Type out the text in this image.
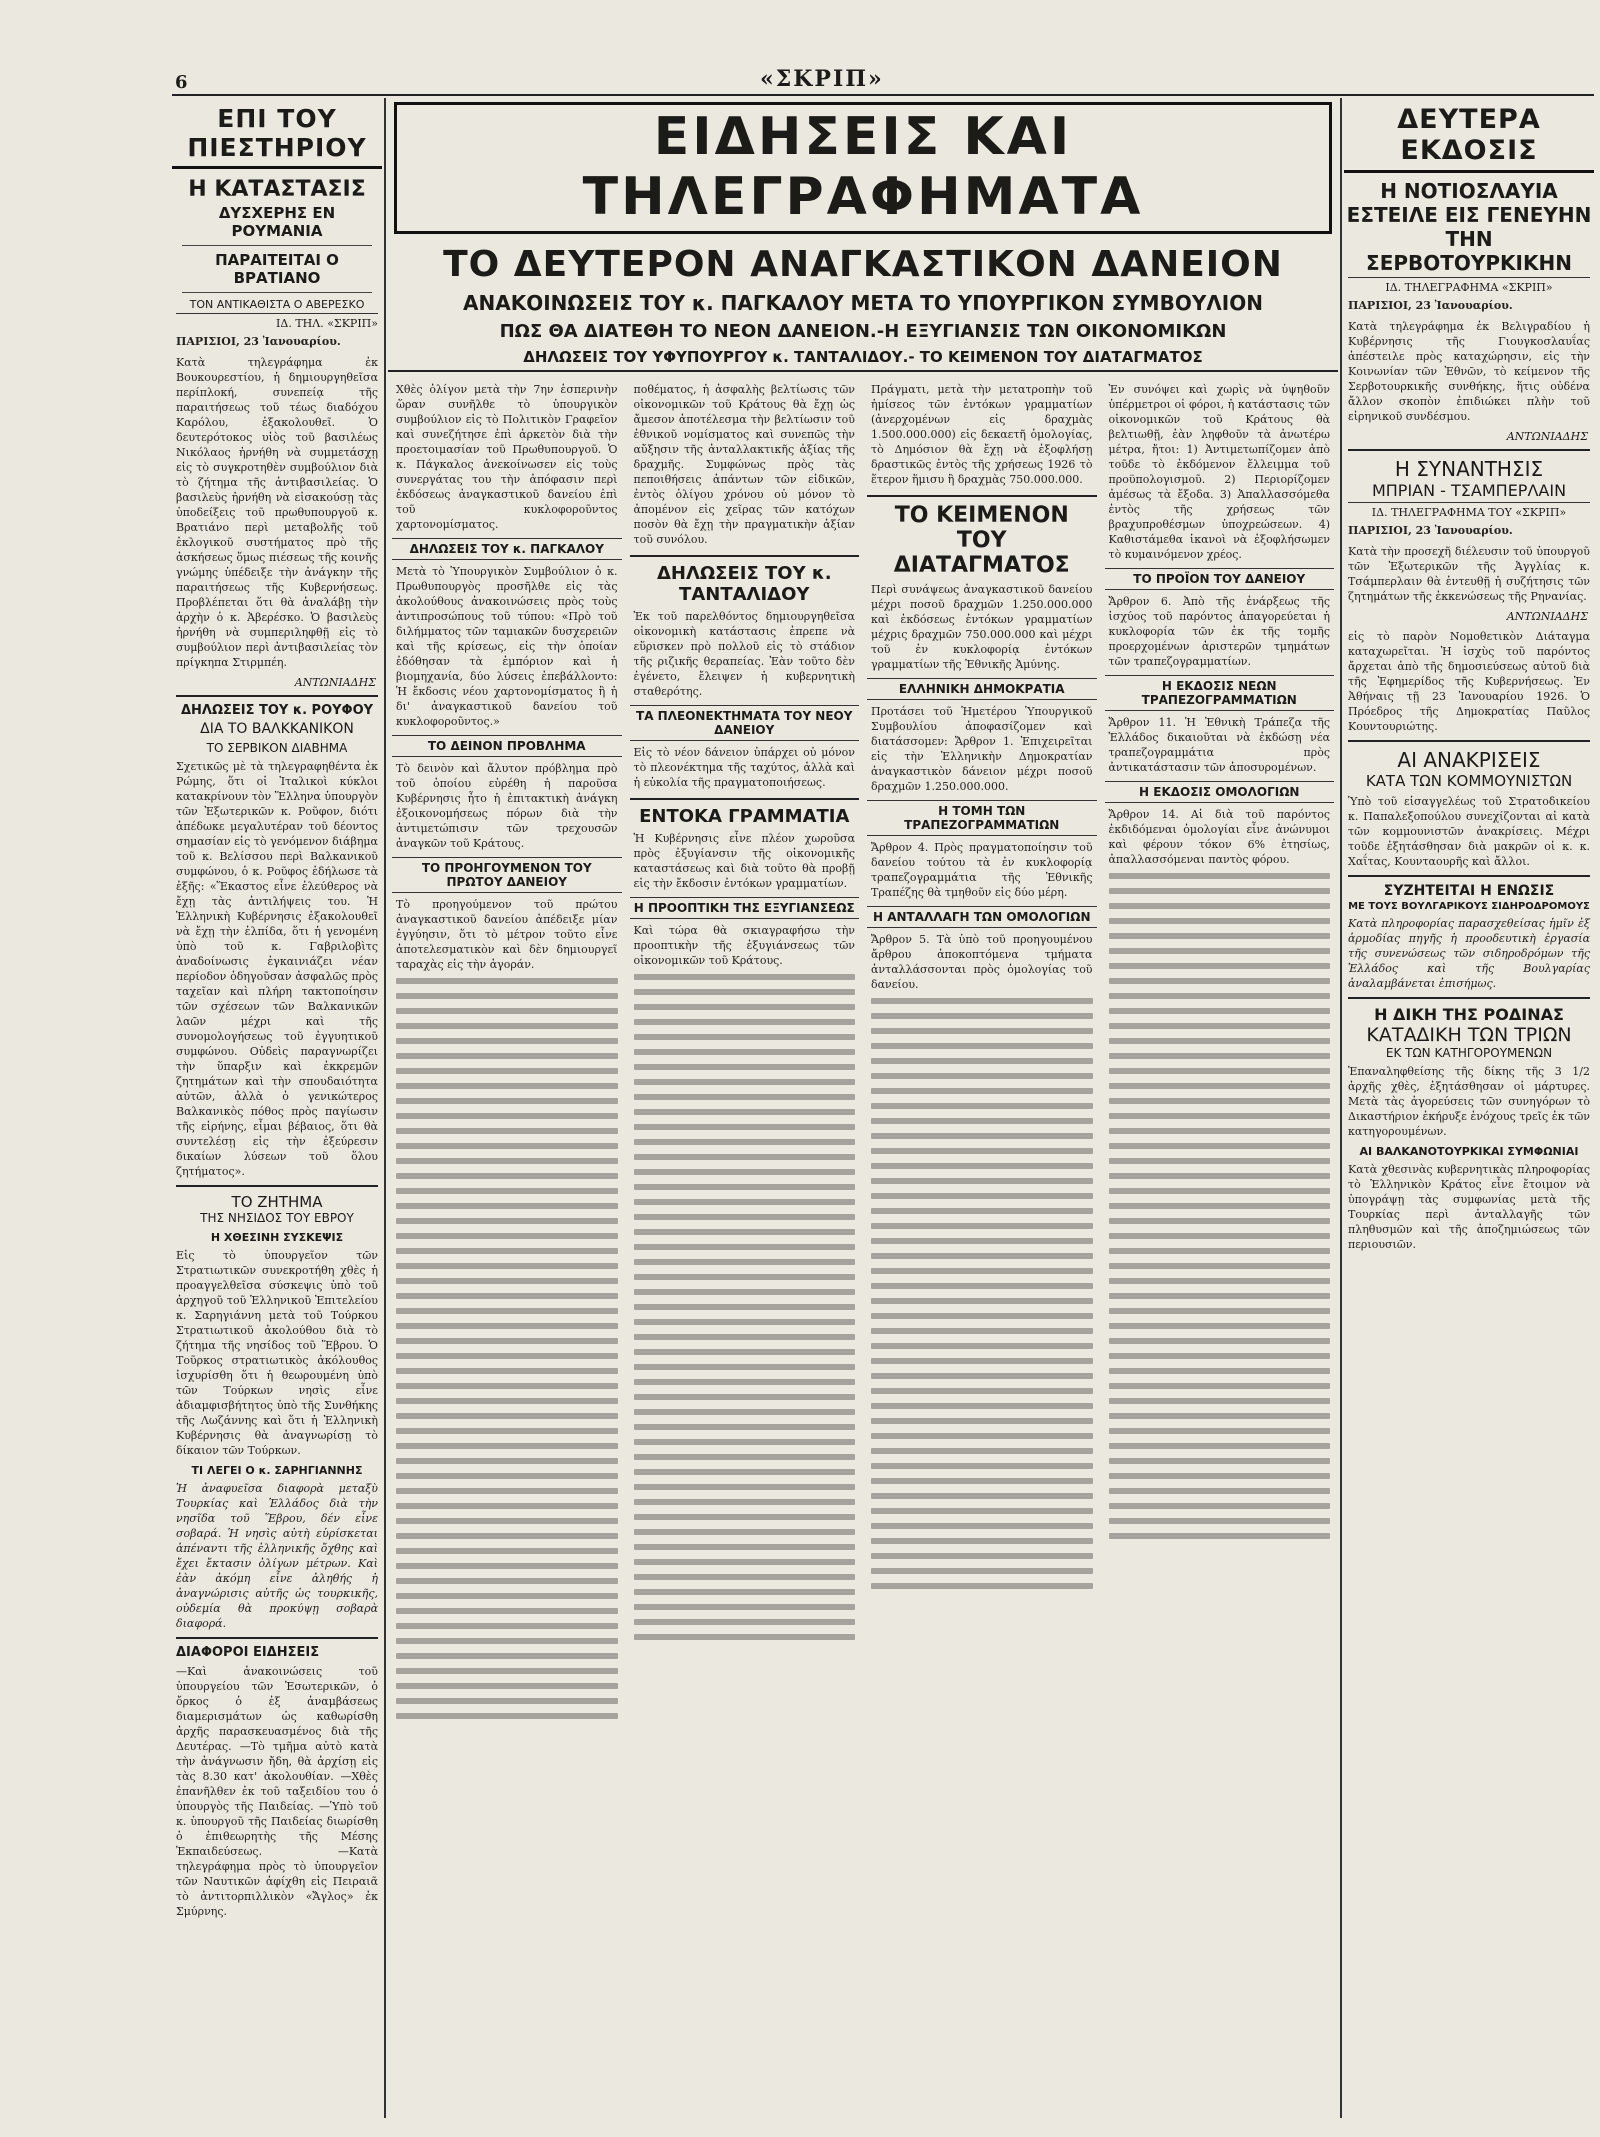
6	«ΣΚΡΙΠ»
ΕΠΙ ΤΟΥ ΠΙΕΣΤΗΡΙΟΥ
Η ΚΑΤΑΣΤΑΣΙΣ
ΔΥΣΧΕΡΗΣ ΕΝ ΡΟΥΜΑΝΙΑ
ΠΑΡΑΙΤΕΙΤΑΙ Ο ΒΡΑΤΙΑΝΟ
ΤΟΝ ΑΝΤΙΚΑΘΙΣΤΑ Ο ΑΒΕΡΕΣΚΟ
ΙΔ. ΤΗΛ. «ΣΚΡΙΠ»
ΠΑΡΙΣΙΟΙ, 23 Ἰανουαρίου.
Κατὰ τηλεγράφημα ἐκ Βουκουρεστίου, ἡ δημιουργηθεῖσα περίπλοκή, συνεπείᾳ τῆς παραιτήσεως τοῦ τέως διαδόχου Καρόλου, ἐξακολουθεῖ. Ὁ δευτερότοκος υἱὸς τοῦ βασιλέως Νικόλαος ἠρνήθη νὰ συμμετάσχῃ εἰς τὸ συγκροτηθὲν συμβούλιον διὰ τὸ ζήτημα τῆς ἀντιβασιλείας. Ὁ βασιλεὺς ἠρνήθη νὰ εἰσακούσῃ τὰς ὑποδείξεις τοῦ πρωθυπουργοῦ κ. Βρατιάνο περὶ μεταβολῆς τοῦ ἐκλογικοῦ συστήματος πρὸ τῆς ἀσκήσεως ὅμως πιέσεως τῆς κοινῆς γνώμης ὑπέδειξε τὴν ἀνάγκην τῆς παραιτήσεως τῆς Κυβερνήσεως. Προβλέπεται ὅτι θὰ ἀναλάβῃ τὴν ἀρχὴν ὁ κ. Ἀβερέσκο. Ὁ βασιλεὺς ἠρνήθη νὰ συμπεριληφθῇ εἰς τὸ συμβούλιον περὶ ἀντιβασιλείας τὸν πρίγκηπα Στιρμπέη.
ΑΝΤΩΝΙΑΔΗΣ
ΔΗΛΩΣΕΙΣ ΤΟΥ κ. ΡΟΥΦΟΥ
ΔΙΑ ΤΟ ΒΑΛΚΚΑΝΙΚΟΝ
ΤΟ ΣΕΡΒΙΚΟΝ ΔΙΑΒΗΜΑ
Σχετικῶς μὲ τὰ τηλεγραφηθέντα ἐκ Ρώμης, ὅτι οἱ Ἰταλικοὶ κύκλοι κατακρίνουν τὸν Ἕλληνα ὑπουργὸν τῶν Ἐξωτερικῶν κ. Ροῦφον, διότι ἀπέδωκε μεγαλυτέραν τοῦ δέοντος σημασίαν εἰς τὸ γενόμενον διάβημα τοῦ κ. Βελίσσου περὶ Βαλκανικοῦ συμφώνου, ὁ κ. Ροῦφος ἐδήλωσε τὰ ἑξῆς: «Ἕκαστος εἶνε ἐλεύθερος νὰ ἔχῃ τὰς ἀντιλήψεις του. Ἡ Ἑλληνικὴ Κυβέρνησις ἐξακολουθεῖ νὰ ἔχῃ τὴν ἐλπίδα, ὅτι ἡ γενομένη ὑπὸ τοῦ κ. Γαβριλοβὶτς ἀναδοίνωσις ἐγκαινιάζει νέαν περίοδον ὁδηγοῦσαν ἀσφαλῶς πρὸς ταχεῖαν καὶ πλήρη τακτοποίησιν τῶν σχέσεων τῶν Βαλκανικῶν λαῶν μέχρι καὶ τῆς συνομολογήσεως τοῦ ἐγγυητικοῦ συμφώνου. Οὐδεὶς παραγνωρίζει τὴν ὕπαρξιν καὶ ἐκκρεμῶν ζητημάτων καὶ τὴν σπουδαιότητα αὐτῶν, ἀλλὰ ὁ γενικώτερος Βαλκανικὸς πόθος πρὸς παγίωσιν τῆς εἰρήνης, εἶμαι βέβαιος, ὅτι θὰ συντελέσῃ εἰς τὴν ἐξεύρεσιν δικαίων λύσεων τοῦ ὅλου ζητήματος».
ΤΟ ΖΗΤΗΜΑ
ΤΗΣ ΝΗΣΙΔΟΣ ΤΟΥ ΕΒΡΟΥ
Η ΧΘΕΣΙΝΗ ΣΥΣΚΕΨΙΣ
Εἰς τὸ ὑπουργεῖον τῶν Στρατιωτικῶν συνεκροτήθη χθὲς ἡ προαγγελθεῖσα σύσκεψις ὑπὸ τοῦ ἀρχηγοῦ τοῦ Ἑλληνικοῦ Ἐπιτελείου κ. Σαρηγιάννη μετὰ τοῦ Τούρκου Στρατιωτικοῦ ἀκολούθου διὰ τὸ ζήτημα τῆς νησίδος τοῦ Ἕβρου. Ὁ Τοῦρκος στρατιωτικὸς ἀκόλουθος ἰσχυρίσθη ὅτι ἡ θεωρουμένη ὑπὸ τῶν Τούρκων νησὶς εἶνε ἀδιαμφισβήτητος ὑπὸ τῆς Συνθήκης τῆς Λωζάννης καὶ ὅτι ἡ Ἑλληνικὴ Κυβέρνησις θὰ ἀναγνωρίσῃ τὸ δίκαιον τῶν Τούρκων.
ΤΙ ΛΕΓΕΙ Ο κ. ΣΑΡΗΓΙΑΝΝΗΣ
Ἡ ἀναφυεῖσα διαφορὰ μεταξὺ Τουρκίας καὶ Ἑλλάδος διὰ τὴν νησῖδα τοῦ Ἕβρου, δέν εἶνε σοβαρά. Ἡ νησὶς αὐτὴ εὑρίσκεται ἀπέναντι τῆς ἑλληνικῆς ὄχθης καὶ ἔχει ἔκτασιν ὀλίγων μέτρων. Καὶ ἐὰν ἀκόμη εἶνε ἀληθής ἡ ἀναγνώρισις αὐτῆς ὡς τουρκικῆς, οὐδεμία θὰ προκύψῃ σοβαρὰ διαφορά.
ΔΙΑΦΟΡΟΙ ΕΙΔΗΣΕΙΣ
—Καὶ ἀνακοινώσεις τοῦ ὑπουργείου τῶν Ἐσωτερικῶν, ὁ ὄρκος ὁ ἐξ ἀναμβάσεως διαμερισμάτων ὡς καθωρίσθη ἀρχῆς παρασκευασμένος διὰ τῆς Δευτέρας. —Τὸ τμῆμα αὐτὸ κατὰ τὴν ἀνάγνωσιν ἤδη, θὰ ἀρχίσῃ εἰς τὰς 8.30 κατ' ἀκολουθίαν. —Χθὲς ἐπανῆλθεν ἐκ τοῦ ταξειδίου του ὁ ὑπουργὸς τῆς Παιδείας. —Ὑπὸ τοῦ κ. ὑπουργοῦ τῆς Παιδείας διωρίσθη ὁ ἐπιθεωρητὴς τῆς Μέσης Ἐκπαιδεύσεως. —Κατὰ τηλεγράφημα πρὸς τὸ ὑπουργεῖον τῶν Ναυτικῶν ἀφίχθη εἰς Πειραιᾶ τὸ ἀντιτορπιλλικὸν «Ἄγλος» ἐκ Σμύρνης.
ΕΙΔΗΣΕΙΣ ΚΑΙ ΤΗΛΕΓΡΑΦΗΜΑΤΑ
ΤΟ ΔΕΥΤΕΡΟΝ ΑΝΑΓΚΑΣΤΙΚΟΝ ΔΑΝΕΙΟΝ
ΑΝΑΚΟΙΝΩΣΕΙΣ ΤΟΥ κ. ΠΑΓΚΑΛΟΥ ΜΕΤΑ ΤΟ ΥΠΟΥΡΓΙΚΟΝ ΣΥΜΒΟΥΛΙΟΝ
ΠΩΣ ΘΑ ΔΙΑΤΕΘΗ ΤΟ ΝΕΟΝ ΔΑΝΕΙΟΝ.-Η ΕΞΥΓΙΑΝΣΙΣ ΤΩΝ ΟΙΚΟΝΟΜΙΚΩΝ
ΔΗΛΩΣΕΙΣ ΤΟΥ ΥΦΥΠΟΥΡΓΟΥ κ. ΤΑΝΤΑΛΙΔΟΥ.- ΤΟ ΚΕΙΜΕΝΟΝ ΤΟΥ ΔΙΑΤΑΓΜΑΤΟΣ
Χθὲς ὀλίγον μετὰ τὴν 7ην ἑσπερινὴν ὥραν συνῆλθε τὸ ὑπουργικὸν συμβούλιον εἰς τὸ Πολιτικὸν Γραφεῖον καὶ συνεζήτησε ἐπὶ ἀρκετὸν διὰ τὴν προετοιμασίαν τοῦ Πρωθυπουργοῦ. Ὁ κ. Πάγκαλος ἀνεκοίνωσεν εἰς τοὺς συνεργάτας του τὴν ἀπόφασιν περὶ ἐκδόσεως ἀναγκαστικοῦ δανείου ἐπὶ τοῦ κυκλοφοροῦντος χαρτονομίσματος.
ΔΗΛΩΣΕΙΣ ΤΟΥ κ. ΠΑΓΚΑΛΟΥ
Μετὰ τὸ Ὑπουργικὸν Συμβούλιον ὁ κ. Πρωθυπουργὸς προσῆλθε εἰς τὰς ἀκολούθους ἀνακοινώσεις πρὸς τοὺς ἀντιπροσώπους τοῦ τύπου: «Πρὸ τοῦ διλήμματος τῶν ταμιακῶν δυσχερειῶν καὶ τῆς κρίσεως, εἰς τὴν ὁποίαν ἐδόθησαν τὰ ἐμπόριον καὶ ἡ βιομηχανία, δύο λύσεις ἐπεβάλλοντο: Ἡ ἔκδοσις νέου χαρτονομίσματος ἢ ἡ δι' ἀναγκαστικοῦ δανείου τοῦ κυκλοφοροῦντος.»
ΤΟ ΔΕΙΝΟΝ ΠΡΟΒΛΗΜΑ
Τὸ δεινὸν καὶ ἄλυτον πρόβλημα πρὸ τοῦ ὁποίου εὑρέθη ἡ παροῦσα Κυβέρνησις ἦτο ἡ ἐπιτακτικὴ ἀνάγκη ἐξοικονομήσεως πόρων διὰ τὴν ἀντιμετώπισιν τῶν τρεχουσῶν ἀναγκῶν τοῦ Κράτους.
ΤΟ ΠΡΟΗΓΟΥΜΕΝΟΝ ΤΟΥ ΠΡΩΤΟΥ ΔΑΝΕΙΟΥ
Τὸ προηγούμενον τοῦ πρώτου ἀναγκαστικοῦ δανείου ἀπέδειξε μίαν ἐγγύησιν, ὅτι τὸ μέτρον τοῦτο εἶνε ἀποτελεσματικὸν καὶ δὲν δημιουργεῖ ταραχὰς εἰς τὴν ἀγοράν.
ποθέματος, ἡ ἀσφαλὴς βελτίωσις τῶν οἰκονομικῶν τοῦ Κράτους θὰ ἔχῃ ὡς ἄμεσον ἀποτέλεσμα τὴν βελτίωσιν τοῦ ἐθνικοῦ νομίσματος καὶ συνεπῶς τὴν αὔξησιν τῆς ἀνταλλακτικῆς ἀξίας τῆς δραχμῆς. Συμφώνως πρὸς τὰς πεποιθήσεις ἁπάντων τῶν εἰδικῶν, ἐντὸς ὀλίγου χρόνου οὐ μόνον τὸ ἀπομένον εἰς χεῖρας τῶν κατόχων ποσὸν θὰ ἔχῃ τὴν πραγματικὴν ἀξίαν τοῦ συνόλου.
ΔΗΛΩΣΕΙΣ ΤΟΥ κ. ΤΑΝΤΑΛΙΔΟΥ
Ἐκ τοῦ παρελθόντος δημιουργηθεῖσα οἰκονομικὴ κατάστασις ἐπρεπε νὰ εὕρισκεν πρὸ πολλοῦ εἰς τὸ στάδιον τῆς ριζικῆς θεραπείας. Ἐὰν τοῦτο δὲν ἐγένετο, ἔλειψεν ἡ κυβερνητικὴ σταθερότης.
ΤΑ ΠΛΕΟΝΕΚΤΗΜΑΤΑ ΤΟΥ ΝΕΟΥ ΔΑΝΕΙΟΥ
Εἰς τὸ νέον δάνειον ὑπάρχει οὐ μόνον τὸ πλεονέκτημα τῆς ταχύτος, ἀλλὰ καὶ ἡ εὐκολία τῆς πραγματοποιήσεως.
ΕΝΤΟΚΑ ΓΡΑΜΜΑΤΙΑ
Ἡ Κυβέρνησις εἶνε πλέον χωροῦσα πρὸς ἐξυγίανσιν τῆς οἰκονομικῆς καταστάσεως καὶ διὰ τοῦτο θὰ προβῇ εἰς τὴν ἔκδοσιν ἐντόκων γραμματίων.
Η ΠΡΟΟΠΤΙΚΗ ΤΗΣ ΕΞΥΓΙΑΝΣΕΩΣ
Καὶ τώρα θὰ σκιαγραφήσω τὴν προοπτικὴν τῆς ἐξυγιάνσεως τῶν οἰκονομικῶν τοῦ Κράτους.
Πράγματι, μετὰ τὴν μετατροπὴν τοῦ ἡμίσεος τῶν ἐντόκων γραμματίων (ἀνερχομένων εἰς δραχμὰς 1.500.000.000) εἰς δεκαετῆ ὁμολογίας, τὸ Δημόσιον θὰ ἔχῃ νὰ ἐξοφλήσῃ δραστικῶς ἐντὸς τῆς χρήσεως 1926 τὸ ἕτερον ἥμισυ ἢ δραχμὰς 750.000.000.
ΤΟ ΚΕΙΜΕΝΟΝ ΤΟΥ ΔΙΑΤΑΓΜΑΤΟΣ
Περὶ συνάψεως ἀναγκαστικοῦ δανείου μέχρι ποσοῦ δραχμῶν 1.250.000.000 καὶ ἐκδόσεως ἐντόκων γραμματίων μέχρις δραχμῶν 750.000.000 καὶ μέχρι τοῦ ἐν κυκλοφορίᾳ ἐντόκων γραμματίων τῆς Ἐθνικῆς Ἀμύνης.
ΕΛΛΗΝΙΚΗ ΔΗΜΟΚΡΑΤΙΑ
Προτάσει τοῦ Ἡμετέρου Ὑπουργικοῦ Συμβουλίου ἀποφασίζομεν καὶ διατάσσομεν: Ἄρθρον 1. Ἐπιχειρεῖται εἰς τὴν Ἑλληνικὴν Δημοκρατίαν ἀναγκαστικὸν δάνειον μέχρι ποσοῦ δραχμῶν 1.250.000.000.
Η ΤΟΜΗ ΤΩΝ ΤΡΑΠΕΖΟΓΡΑΜΜΑΤΙΩΝ
Ἄρθρον 4. Πρὸς πραγματοποίησιν τοῦ δανείου τούτου τὰ ἐν κυκλοφορίᾳ τραπεζογραμμάτια τῆς Ἐθνικῆς Τραπέζης θὰ τμηθοῦν εἰς δύο μέρη.
Η ΑΝΤΑΛΛΑΓΗ ΤΩΝ ΟΜΟΛΟΓΙΩΝ
Ἄρθρον 5. Τὰ ὑπὸ τοῦ προηγουμένου ἄρθρου ἀποκοπτόμενα τμήματα ἀνταλλάσσονται πρὸς ὁμολογίας τοῦ δανείου.
Ἐν συνόψει καὶ χωρὶς νὰ ὑψηθοῦν ὑπέρμετροι οἱ φόροι, ἡ κατάστασις τῶν οἰκονομικῶν τοῦ Κράτους θὰ βελτιωθῇ, ἐὰν ληφθοῦν τὰ ἀνωτέρω μέτρα, ἤτοι: 1) Ἀντιμετωπίζομεν ἀπὸ τοῦδε τὸ ἐκδόμενον ἔλλειμμα τοῦ προϋπολογισμοῦ. 2) Περιορίζομεν ἀμέσως τὰ ἔξοδα. 3) Ἀπαλλασσόμεθα ἐντὸς τῆς χρήσεως τῶν βραχυπροθέσμων ὑποχρεώσεων. 4) Καθιστάμεθα ἱκανοὶ νὰ ἐξοφλήσωμεν τὸ κυμαινόμενον χρέος.
ΤΟ ΠΡΟΪΟΝ ΤΟΥ ΔΑΝΕΙΟΥ
Ἄρθρον 6. Ἀπὸ τῆς ἐνάρξεως τῆς ἰσχύος τοῦ παρόντος ἀπαγορεύεται ἡ κυκλοφορία τῶν ἐκ τῆς τομῆς προερχομένων ἀριστερῶν τμημάτων τῶν τραπεζογραμματίων.
Η ΕΚΔΟΣΙΣ ΝΕΩΝ ΤΡΑΠΕΖΟΓΡΑΜΜΑΤΙΩΝ
Ἄρθρον 11. Ἡ Ἐθνικὴ Τράπεζα τῆς Ἑλλάδος δικαιοῦται νὰ ἐκδώσῃ νέα τραπεζογραμμάτια πρὸς ἀντικατάστασιν τῶν ἀποσυρομένων.
Η ΕΚΔΟΣΙΣ ΟΜΟΛΟΓΙΩΝ
Ἄρθρον 14. Αἱ διὰ τοῦ παρόντος ἐκδιδόμεναι ὁμολογίαι εἶνε ἀνώνυμοι καὶ φέρουν τόκον 6% ἐτησίως, ἀπαλλασσόμεναι παντὸς φόρου.
ΔΕΥΤΕΡΑ ΕΚΔΟΣΙΣ
Η ΝΟΤΙΟΣΛΑΥΙΑ
ΕΣΤΕΙΛΕ ΕΙΣ ΓΕΝΕΥΗΝ
ΤΗΝ ΣΕΡΒΟΤΟΥΡΚΙΚΗΝ
ΙΔ. ΤΗΛΕΓΡΑΦΗΜΑ «ΣΚΡΙΠ»
ΠΑΡΙΣΙΟΙ, 23 Ἰανουαρίου.
Κατὰ τηλεγράφημα ἐκ Βελιγραδίου ἡ Κυβέρνησις τῆς Γιουγκοσλαυΐας ἀπέστειλε πρὸς καταχώρησιν, εἰς τὴν Κοινωνίαν τῶν Ἐθνῶν, τὸ κείμενον τῆς Σερβοτουρκικῆς συνθήκης, ἥτις οὐδένα ἄλλον σκοπὸν ἐπιδιώκει πλὴν τοῦ εἰρηνικοῦ συνδέσμου.
ΑΝΤΩΝΙΑΔΗΣ
Η ΣΥΝΑΝΤΗΣΙΣ
ΜΠΡΙΑΝ - ΤΣΑΜΠΕΡΛΑΙΝ
ΙΔ. ΤΗΛΕΓΡΑΦΗΜΑ ΤΟΥ «ΣΚΡΙΠ»
ΠΑΡΙΣΙΟΙ, 23 Ἰανουαρίου.
Κατὰ τὴν προσεχῆ διέλευσιν τοῦ ὑπουργοῦ τῶν Ἐξωτερικῶν τῆς Ἀγγλίας κ. Τσάμπερλαιν θὰ ἐντευθῇ ἡ συζήτησις τῶν ζητημάτων τῆς ἐκκενώσεως τῆς Ρηνανίας.
ΑΝΤΩΝΙΑΔΗΣ
εἰς τὸ παρὸν Νομοθετικὸν Διάταγμα καταχωρεῖται. Ἡ ἰσχὺς τοῦ παρόντος ἄρχεται ἀπὸ τῆς δημοσιεύσεως αὐτοῦ διὰ τῆς Ἐφημερίδος τῆς Κυβερνήσεως. Ἐν Ἀθήναις τῇ 23 Ἰανουαρίου 1926. Ὁ Πρόεδρος τῆς Δημοκρατίας Παῦλος Κουντουριώτης.
ΑΙ ΑΝΑΚΡΙΣΕΙΣ
ΚΑΤΑ ΤΩΝ ΚΟΜΜΟΥΝΙΣΤΩΝ
Ὑπὸ τοῦ εἰσαγγελέως τοῦ Στρατοδικείου κ. Παπαλεξοπούλου συνεχίζονται αἱ κατὰ τῶν κομμουνιστῶν ἀνακρίσεις. Μέχρι τοῦδε ἐξητάσθησαν διὰ μακρῶν οἱ κ. κ. Χαΐτας, Κουνταουρῆς καὶ ἄλλοι.
ΣΥΖΗΤΕΙΤΑΙ Η ΕΝΩΣΙΣ
ΜΕ ΤΟΥΣ ΒΟΥΛΓΑΡΙΚΟΥΣ ΣΙΔΗΡΟΔΡΟΜΟΥΣ
Κατὰ πληροφορίας παρασχεθείσας ἡμῖν ἐξ ἁρμοδίας πηγῆς ἡ προοδευτικὴ ἐργασία τῆς συνενώσεως τῶν σιδηροδρόμων τῆς Ἑλλάδος καὶ τῆς Βουλγαρίας ἀναλαμβάνεται ἐπισήμως.
Η ΔΙΚΗ ΤΗΣ ΡΟΔΙΝΑΣ
ΚΑΤΑΔΙΚΗ ΤΩΝ ΤΡΙΩΝ
ΕΚ ΤΩΝ ΚΑΤΗΓΟΡΟΥΜΕΝΩΝ
Ἐπαναληφθείσης τῆς δίκης τῆς 3 1/2 ἀρχῆς χθὲς, ἐξητάσθησαν οἱ μάρτυρες. Μετὰ τὰς ἀγορεύσεις τῶν συνηγόρων τὸ Δικαστήριον ἐκήρυξε ἐνόχους τρεῖς ἐκ τῶν κατηγορουμένων.
ΑΙ ΒΑΛΚΑΝΟΤΟΥΡΚΙΚΑΙ ΣΥΜΦΩΝΙΑΙ
Κατὰ χθεσινὰς κυβερνητικὰς πληροφορίας τὸ Ἑλληνικὸν Κράτος εἶνε ἔτοιμον νὰ ὑπογράψῃ τὰς συμφωνίας μετὰ τῆς Τουρκίας περὶ ἀνταλλαγῆς τῶν πληθυσμῶν καὶ τῆς ἀποζημιώσεως τῶν περιουσιῶν.
